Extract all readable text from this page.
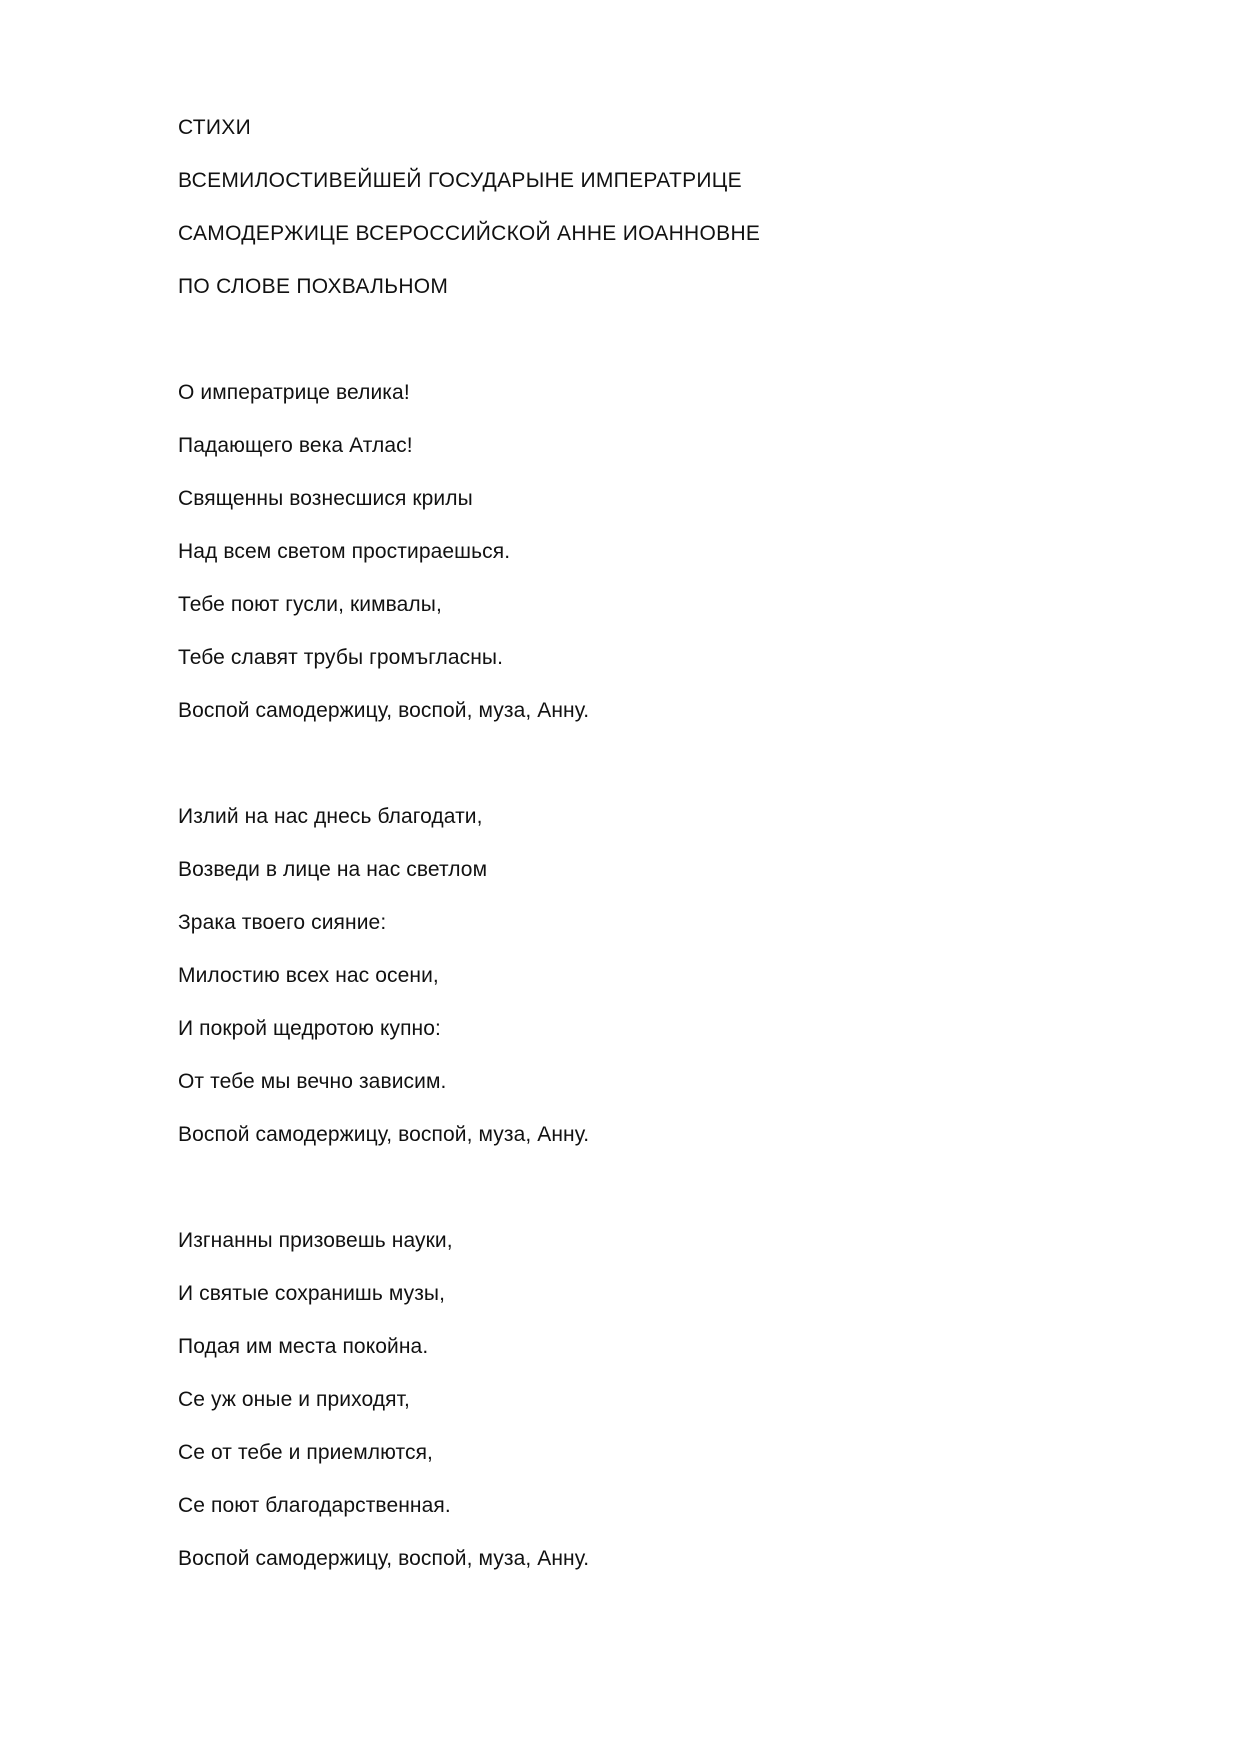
СТИХИ
ВСЕМИЛОСТИВЕЙШЕЙ ГОСУДАРЫНЕ ИМПЕРАТРИЦЕ
САМОДЕРЖИЦЕ ВСЕРОССИЙСКОЙ АННЕ ИОАННОВНЕ
ПО СЛОВЕ ПОХВАЛЬНОМ
О императрице велика!
Падающего века Атлас!
Священны вознесшися крилы
Над всем светом простираешься.
Тебе поют гусли, кимвалы,
Тебе славят трубы громъгласны.
Воспой самодержицу, воспой, муза, Анну.
Излий на нас днесь благодати,
Возведи в лице на нас светлом
Зрака твоего сияние:
Милостию всех нас осени,
И покрой щедротою купно:
От тебе мы вечно зависим.
Воспой самодержицу, воспой, муза, Анну.
Изгнанны призовешь науки,
И святые сохранишь музы,
Подая им места покойна.
Се уж оные и приходят,
Се от тебе и приемлются,
Се поют благодарственная.
Воспой самодержицу, воспой, муза, Анну.
